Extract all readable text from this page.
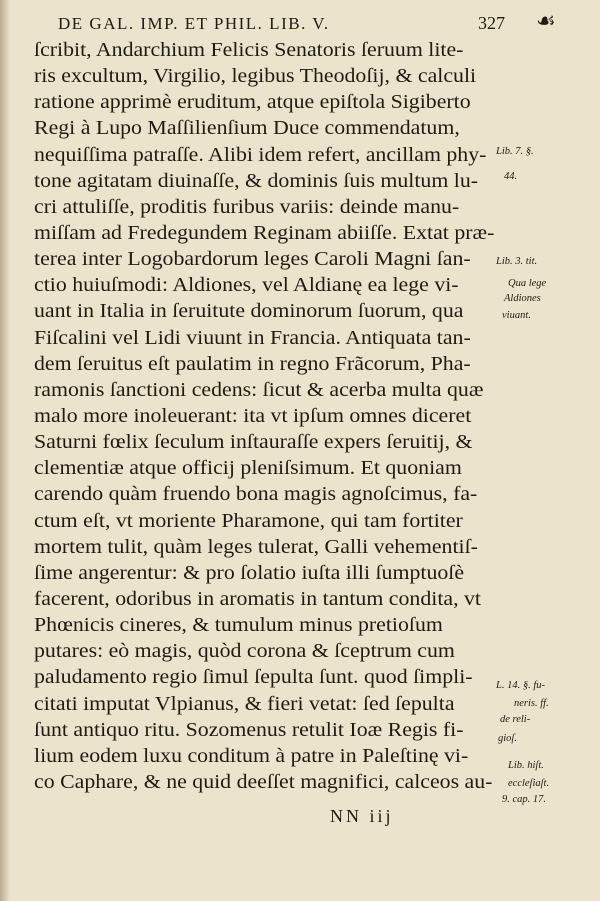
DE GAL. IMP. ET PHIL. LIB. V.	327 ☙
ſcribit, Andarchium Felicis Senatoris ſeruum lite-
ris excultum, Virgilio, legibus Theodoſij, & calculi
ratione apprimè eruditum, atque epiſtola Sigiberto
Regi à Lupo Maſſilienſium Duce commendatum,
nequiſſima patraſſe. Alibi idem refert, ancillam phy-
tone agitatam diuinaſſe, & dominis ſuis multum lu-
cri attuliſſe, proditis furibus variis: deinde manu-
miſſam ad Fredegundem Reginam abiiſſe. Extat præ-
terea inter Logobardorum leges Caroli Magni ſan-
ctio huiuſmodi: Aldiones, vel Aldianę ea lege vi-
uant in Italia in ſeruitute dominorum ſuorum, qua
Fiſcalini vel Lidi viuunt in Francia. Antiquata tan-
dem ſeruitus eſt paulatim in regno Frãcorum, Pha-
ramonis ſanctioni cedens: ſicut & acerba multa quæ
malo more inoleuerant: ita vt ipſum omnes diceret
Saturni fœlix ſeculum inſtauraſſe expers ſeruitij, &
clementiæ atque officij pleniſsimum. Et quoniam
carendo quàm fruendo bona magis agnoſcimus, fa-
ctum eſt, vt moriente Pharamone, qui tam fortiter
mortem tulit, quàm leges tulerat, Galli vehementiſ-
ſime angerentur: & pro ſolatio iuſta illi ſumptuoſè
facerent, odoribus in aromatis in tantum condita, vt
Phœnicis cineres, & tumulum minus pretioſum
putares: eò magis, quòd corona & ſceptrum cum
paludamento regio ſimul ſepulta ſunt. quod ſimpli-
citati imputat Vlpianus, & fieri vetat: ſed ſepulta
ſunt antiquo ritu. Sozomenus retulit Ioæ Regis fi-
lium eodem luxu conditum à patre in Paleſtinę vi-
co Caphare, & ne quid deeſſet magnifici, calceos au-
Lib. 7. §.
44.
Lib. 3. tit.
Qua lege
Aldiones
viuant.
L. 14. §. fu-
neris. ff.
de reli-
gioſ.
Lib. hiſt.
eccleſiaſt.
9. cap. 17.
NN iij
